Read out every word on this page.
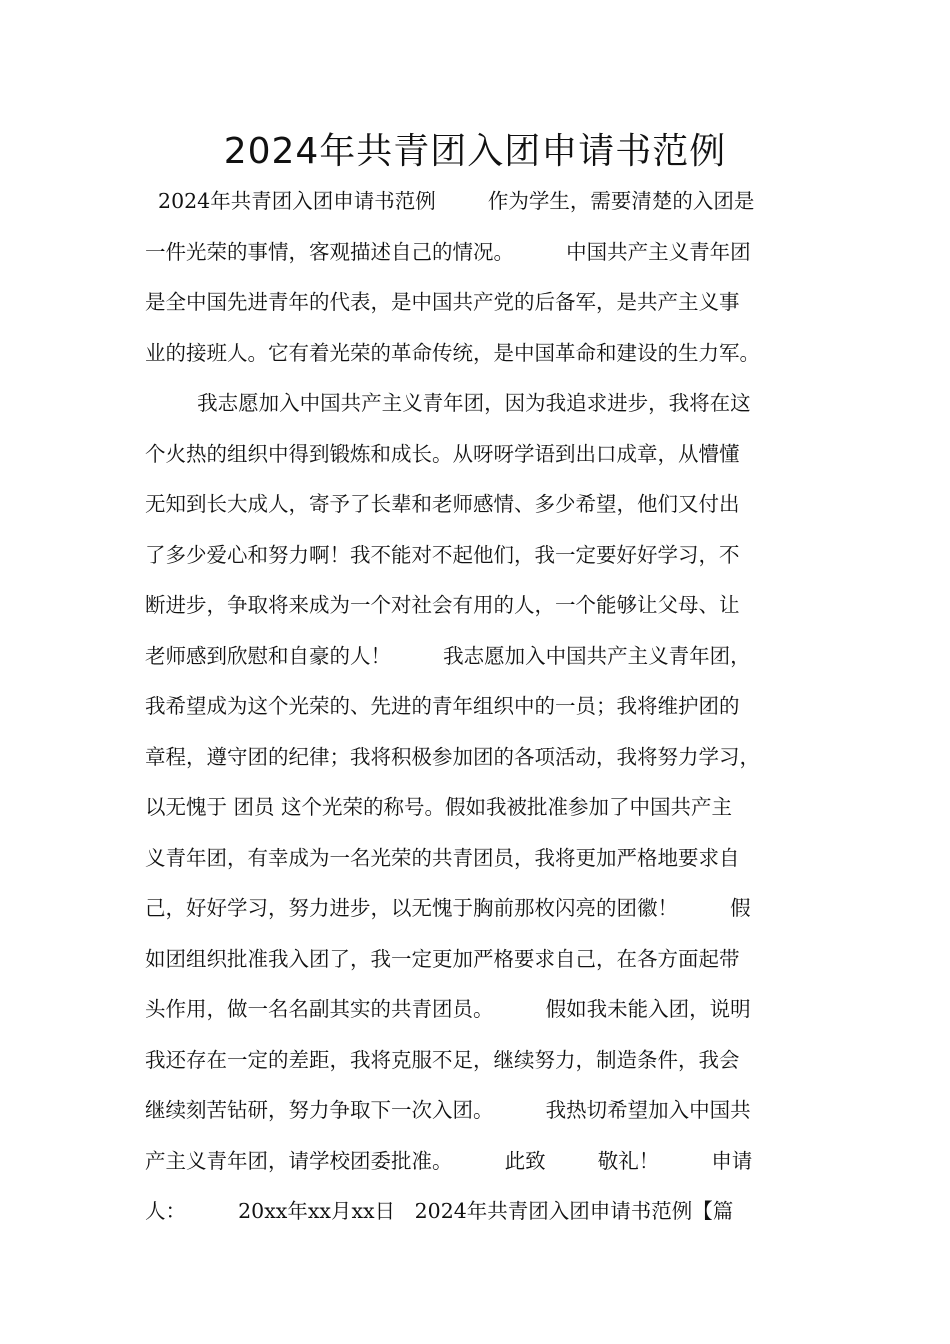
2024年共青团入团申请书范例
2024年共青团入团申请书范例        作为学生，需要清楚的入团是
一件光荣的事情，客观描述自己的情况。        中国共产主义青年团
是全中国先进青年的代表，是中国共产党的后备军，是共产主义事
业的接班人。它有着光荣的革命传统，是中国革命和建设的生力军。
我志愿加入中国共产主义青年团，因为我追求进步，我将在这
个火热的组织中得到锻炼和成长。从呀呀学语到出口成章，从懵懂
无知到长大成人，寄予了长辈和老师感情、多少希望，他们又付出
了多少爱心和努力啊！我不能对不起他们，我一定要好好学习，不
断进步，争取将来成为一个对社会有用的人，一个能够让父母、让
老师感到欣慰和自豪的人！        我志愿加入中国共产主义青年团，
我希望成为这个光荣的、先进的青年组织中的一员；我将维护团的
章程，遵守团的纪律；我将积极参加团的各项活动，我将努力学习，
以无愧于 团员 这个光荣的称号。假如我被批准参加了中国共产主
义青年团，有幸成为一名光荣的共青团员，我将更加严格地要求自
己，好好学习，努力进步，以无愧于胸前那枚闪亮的团徽！        假
如团组织批准我入团了，我一定更加严格要求自己，在各方面起带
头作用，做一名名副其实的共青团员。        假如我未能入团，说明
我还存在一定的差距，我将克服不足，继续努力，制造条件，我会
继续刻苦钻研，努力争取下一次入团。        我热切希望加入中国共
产主义青年团，请学校团委批准。        此致        敬礼！        申请
人：        20xx年xx月xx日   2024年共青团入团申请书范例【篇
